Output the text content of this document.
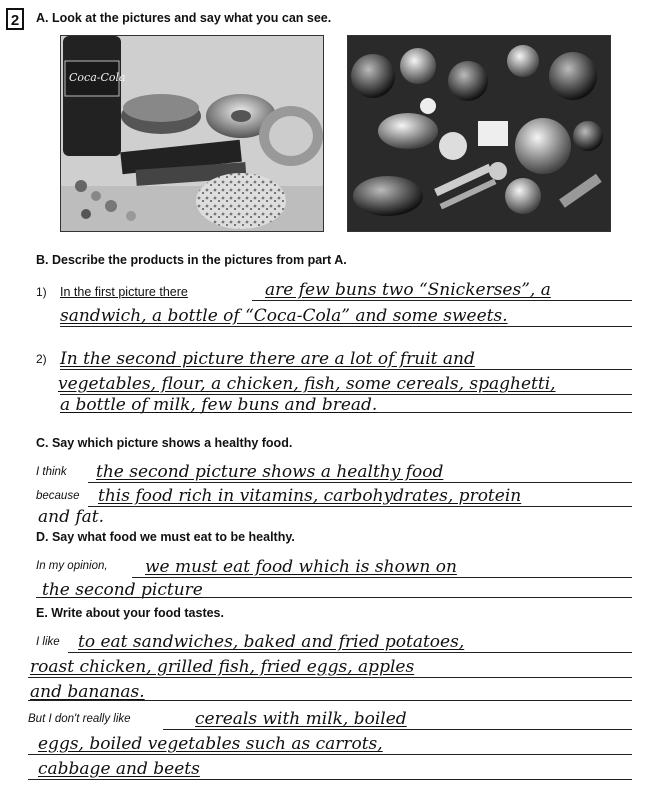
2	A. Look at the pictures and say what you can see.
Coca-Cola
B. Describe the products in the pictures from part A.
1) In the first picture there	are few buns two “Snickerses”, a
sandwich, a bottle of “Coca-Cola” and some sweets.
2) In the second picture there are a lot of fruit and
vegetables, flour, a chicken, fish, some cereals, spaghetti,
a bottle of milk, few buns and bread.
C. Say which picture shows a healthy food.
I think the second picture shows a healthy food
because this food rich in vitamins, carbohydrates, protein
and fat.
D. Say what food we must eat to be healthy.
In my opinion, we must eat food which is shown on
the second picture
E. Write about your food tastes.
I like to eat sandwiches, baked and fried potatoes,
roast chicken, grilled fish, fried eggs, apples
and bananas.
But I don't really like	cereals with milk, boiled
eggs, boiled vegetables such as carrots,
cabbage and beets
